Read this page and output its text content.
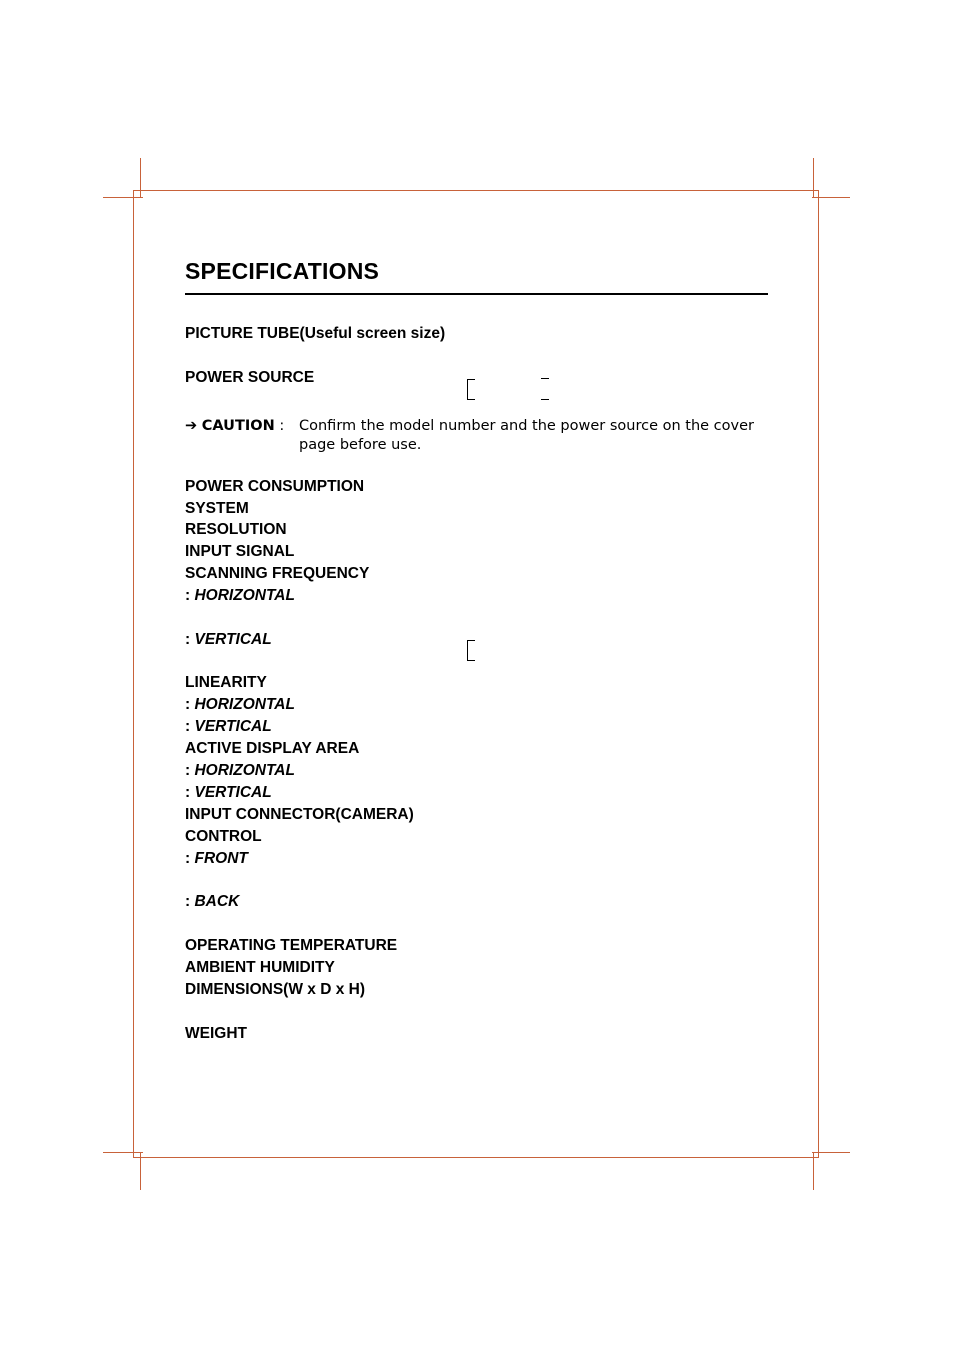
SPECIFICATIONS
PICTURE TUBE(Useful screen size)
POWER SOURCE
➔ CAUTION : Confirm the model number and the power source on the cover page before use.
POWER CONSUMPTION
SYSTEM
RESOLUTION
INPUT SIGNAL
SCANNING FREQUENCY
: HORIZONTAL
: VERTICAL
LINEARITY
: HORIZONTAL
: VERTICAL
ACTIVE DISPLAY AREA
: HORIZONTAL
: VERTICAL
INPUT CONNECTOR(CAMERA)
CONTROL
: FRONT
: BACK
OPERATING TEMPERATURE
AMBIENT HUMIDITY
DIMENSIONS(W x D x H)
WEIGHT
